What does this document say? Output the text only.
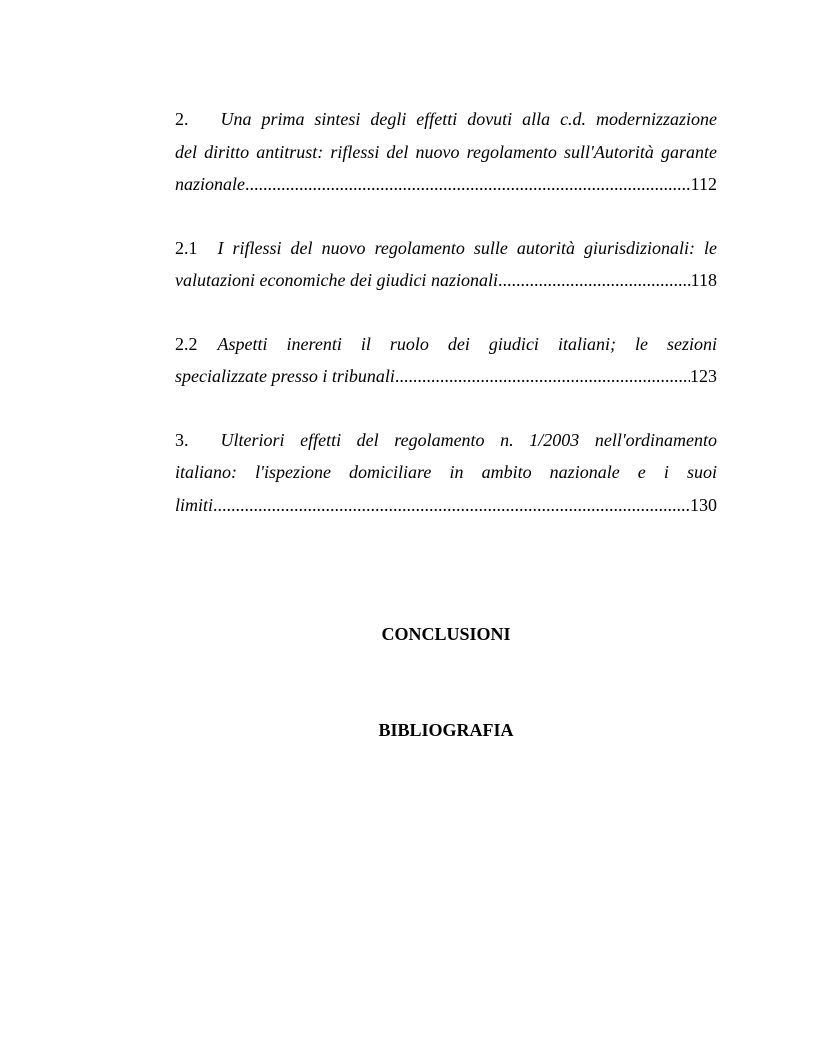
2. Una prima sintesi degli effetti dovuti alla c.d. modernizzazione
del diritto antitrust: riflessi del nuovo regolamento sull'Autorità garante
nazionale .....	112
2.1 I riflessi del nuovo regolamento sulle autorità giurisdizionali: le
valutazioni economiche dei giudici nazionali .....	118
2.2 Aspetti inerenti il ruolo dei giudici italiani; le sezioni
specializzate presso i tribunali .....	123
3. Ulteriori effetti del regolamento n. 1/2003 nell'ordinamento
italiano: l'ispezione domiciliare in ambito nazionale e i suoi
limiti .....	130
CONCLUSIONI
BIBLIOGRAFIA
